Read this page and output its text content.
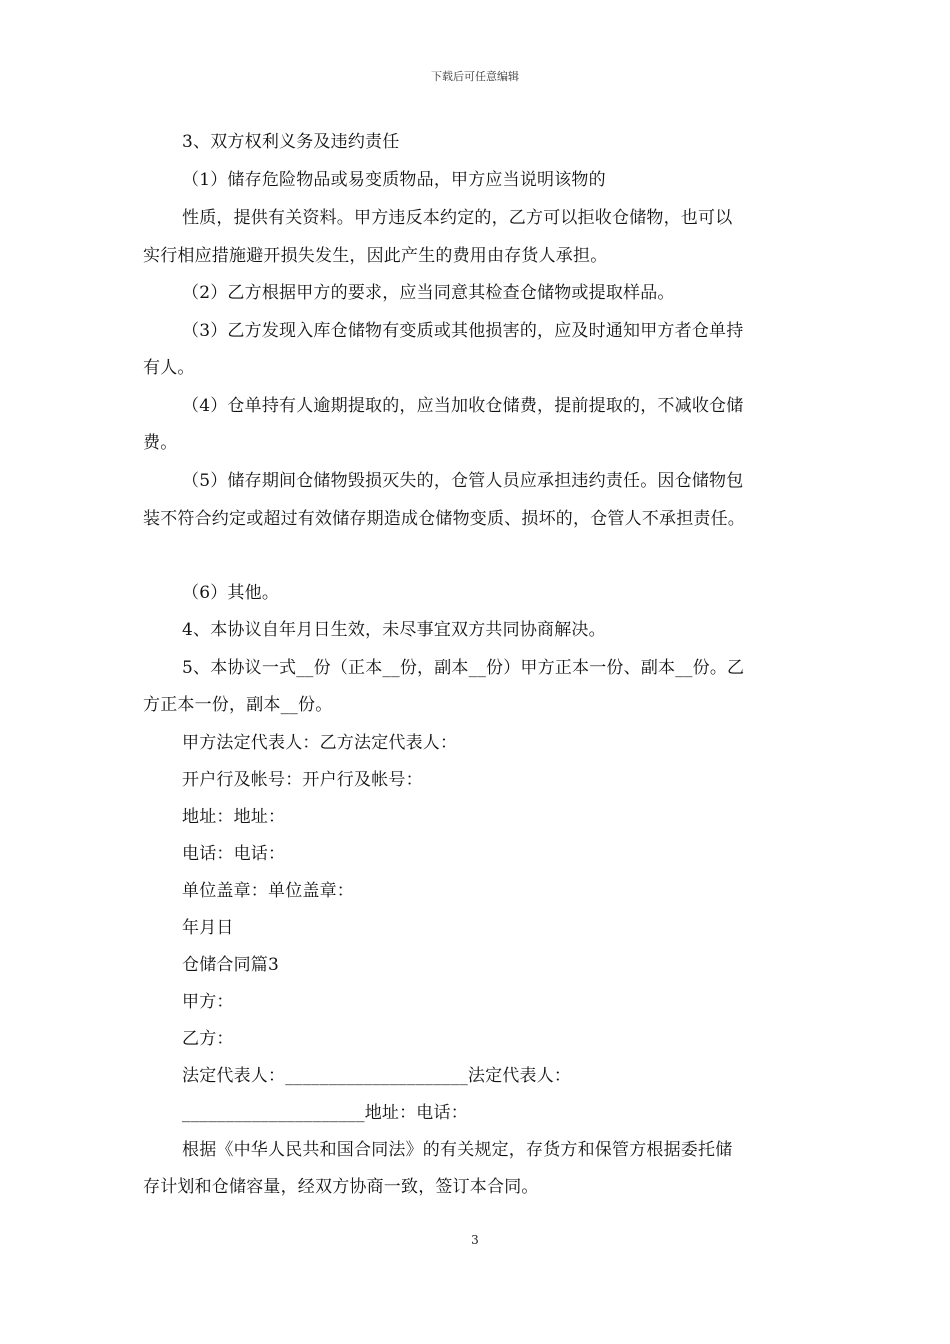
下载后可任意编辑
3、双方权利义务及违约责任
（1）储存危险物品或易变质物品，甲方应当说明该物的
性质，提供有关资料。甲方违反本约定的，乙方可以拒收仓储物，也可以
实行相应措施避开损失发生，因此产生的费用由存货人承担。
（2）乙方根据甲方的要求，应当同意其检查仓储物或提取样品。
（3）乙方发现入库仓储物有变质或其他损害的，应及时通知甲方者仓单持
有人。
（4）仓单持有人逾期提取的，应当加收仓储费，提前提取的，不减收仓储
费。
（5）储存期间仓储物毁损灭失的，仓管人员应承担违约责任。因仓储物包
装不符合约定或超过有效储存期造成仓储物变质、损坏的，仓管人不承担责任。
（6）其他。
4、本协议自年月日生效，未尽事宜双方共同协商解决。
5、本协议一式__份（正本__份，副本__份）甲方正本一份、副本__份。乙
方正本一份，副本__份。
甲方法定代表人：乙方法定代表人：
开户行及帐号：开户行及帐号：
地址：地址：
电话：电话：
单位盖章：单位盖章：
年月日
仓储合同篇3
甲方：
乙方：
法定代表人：_____________________法定代表人：
_____________________地址：电话：
根据《中华人民共和国合同法》的有关规定，存货方和保管方根据委托储
存计划和仓储容量，经双方协商一致，签订本合同。
3
